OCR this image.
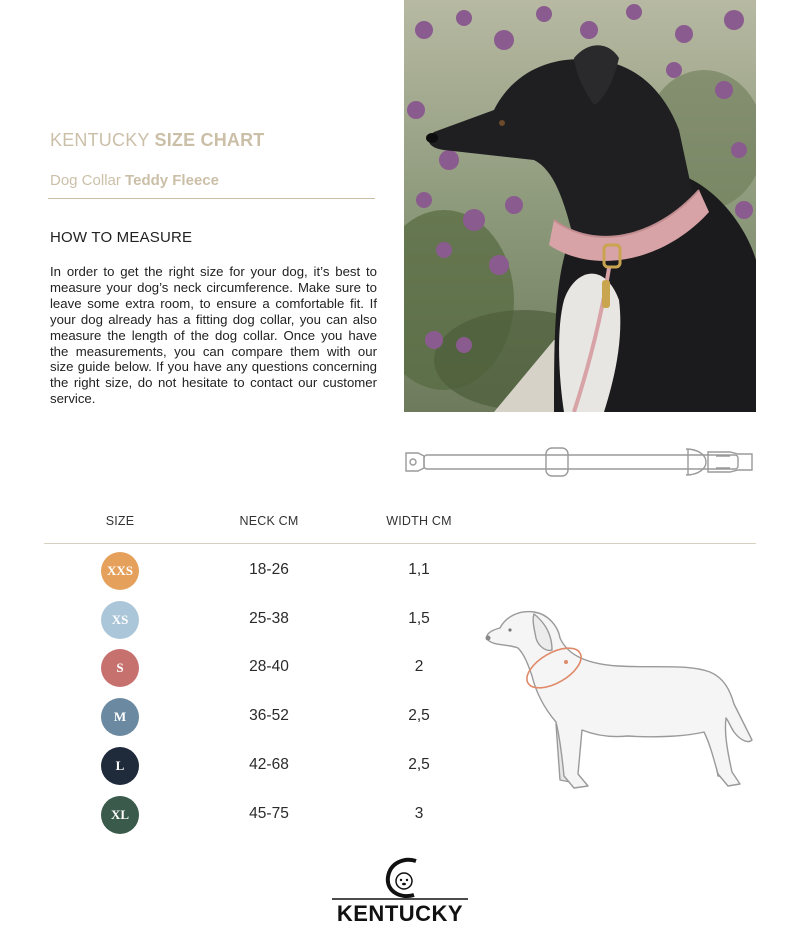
KENTUCKY SIZE CHART
Dog Collar Teddy Fleece
HOW TO MEASURE
In order to get the right size for your dog, it’s best to measure your dog’s neck circumference. Make sure to leave some extra room, to ensure a comfortable fit. If your dog already has a fitting dog collar, you can also measure the length of the dog collar. Once you have the measurements, you can compare them with our size guide below. If you have any questions concerning the right size, do not hesitate to contact our customer service.
SIZE	NECK CM	WIDTH CM
XXS	18-26	1,1
XS	25-38	1,5
S	28-40	2
M	36-52	2,5
L	42-68	2,5
XL	45-75	3
KENTUCKY
